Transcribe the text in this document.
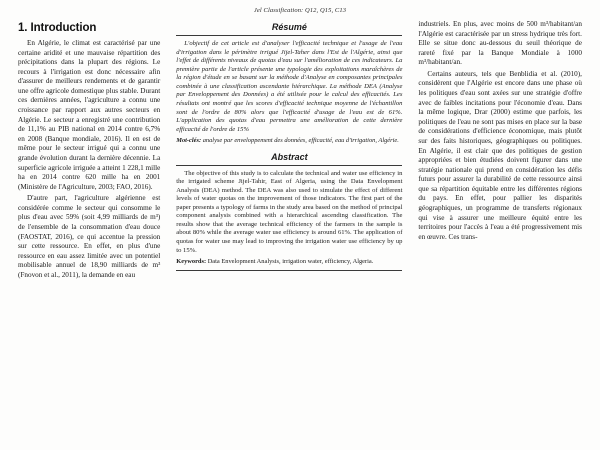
Jel Classification: Q12, Q15, C13
1. Introduction

En Algérie, le climat est caractérisé par une certaine aridité et une mauvaise répartition des précipitations dans la plupart des régions. Le recours à l'irrigation est donc nécessaire afin d'assurer de meilleurs rendements et de garantir une offre agricole domestique plus stable. Durant ces dernières années, l'agriculture a connu une croissance par rapport aux autres secteurs en Algérie. Le secteur a enregistré une contribution de 11,1% au PIB national en 2014 contre 6,7% en 2008 (Banque mondiale, 2016). Il en est de même pour le secteur irrigué qui a connu une grande évolution durant la dernière décennie. La superficie agricole irriguée a atteint 1 228,1 mille ha en 2014 contre 620 mille ha en 2001 (Ministère de l'Agriculture, 2003; FAO, 2016).

D'autre part, l'agriculture algérienne est considérée comme le secteur qui consomme le plus d'eau avec 59% (soit 4,99 milliards de m³) de l'ensemble de la consommation d'eau douce (FAOSTAT, 2016), ce qui accentue la pression sur cette ressource. En effet, en plus d'une ressource en eau assez limitée avec un potentiel mobilisable annuel de 18,90 milliards de m³ (Fnovon et al., 2011), la demande en eau

Résumé

L'objectif de cet article est d'analyser l'efficacité technique et l'usage de l'eau d'irrigation dans le périmètre irrigué Jijel-Taher dans l'Est de l'Algérie, ainsi que l'effet de différents niveaux de quotas d'eau sur l'amélioration de ces indicateurs. La première partie de l'article présente une typologie des exploitations maraîchères de la région d'étude en se basant sur la méthode d'Analyse en composantes principales combinée à une classification ascendante hiérarchique. La méthode DEA (Analyse par Enveloppement des Données) a été utilisée pour le calcul des efficacités. Les résultats ont montré que les scores d'efficacité technique moyenne de l'échantillon sont de l'ordre de 80% alors que l'efficacité d'usage de l'eau est de 61%. L'application des quotas d'eau permettra une amélioration de cette dernière efficacité de l'ordre de 15%

Mot-clés: analyse par enveloppement des données, efficacité, eau d'irrigation, Algérie.

Abstract

The objective of this study is to calculate the technical and water use efficiency in the irrigated scheme Jijel-Tahir, East of Algeria, using the Data Envelopment Analysis (DEA) method. The DEA was also used to simulate the effect of different levels of water quotas on the improvement of those indicators. The first part of the paper presents a typology of farms in the study area based on the method of principal component analysis combined with a hierarchical ascending classification. The results show that the average technical efficiency of the farmers in the sample is about 80% while the average water use efficiency is around 61%. The application of quotas for water use may lead to improving the irrigation water use efficiency by up to 15%.

Keywords: Data Envelopment Analysis, irrigation water, efficiency, Algeria.

industriels. En plus, avec moins de 500 m³/habitant/an l'Algérie est caractérisée par un stress hydrique très fort. Elle se situe donc au-dessous du seuil théorique de rareté fixé par la Banque Mondiale à 1000 m³/habitant/an.

Certains auteurs, tels que Benblidia et al. (2010), considèrent que l'Algérie est encore dans une phase où les politiques d'eau sont axées sur une stratégie d'offre avec de faibles incitations pour l'économie d'eau. Dans la même logique, Drar (2000) estime que parfois, les politiques de l'eau ne sont pas mises en place sur la base de considérations d'efficience économique, mais plutôt sur des faits historiques, géographiques ou politiques. En Algérie, il est clair que des politiques de gestion appropriées et bien étudiées doivent figurer dans une stratégie nationale qui prend en considération les défis futurs pour assurer la durabilité de cette ressource ainsi que sa répartition équitable entre les différentes régions du pays. En effet, pour pallier les disparités géographiques, un programme de transferts régionaux qui vise à assurer une meilleure équité entre les territoires pour l'accès à l'eau a été progressivement mis en œuvre. Ces trans-
